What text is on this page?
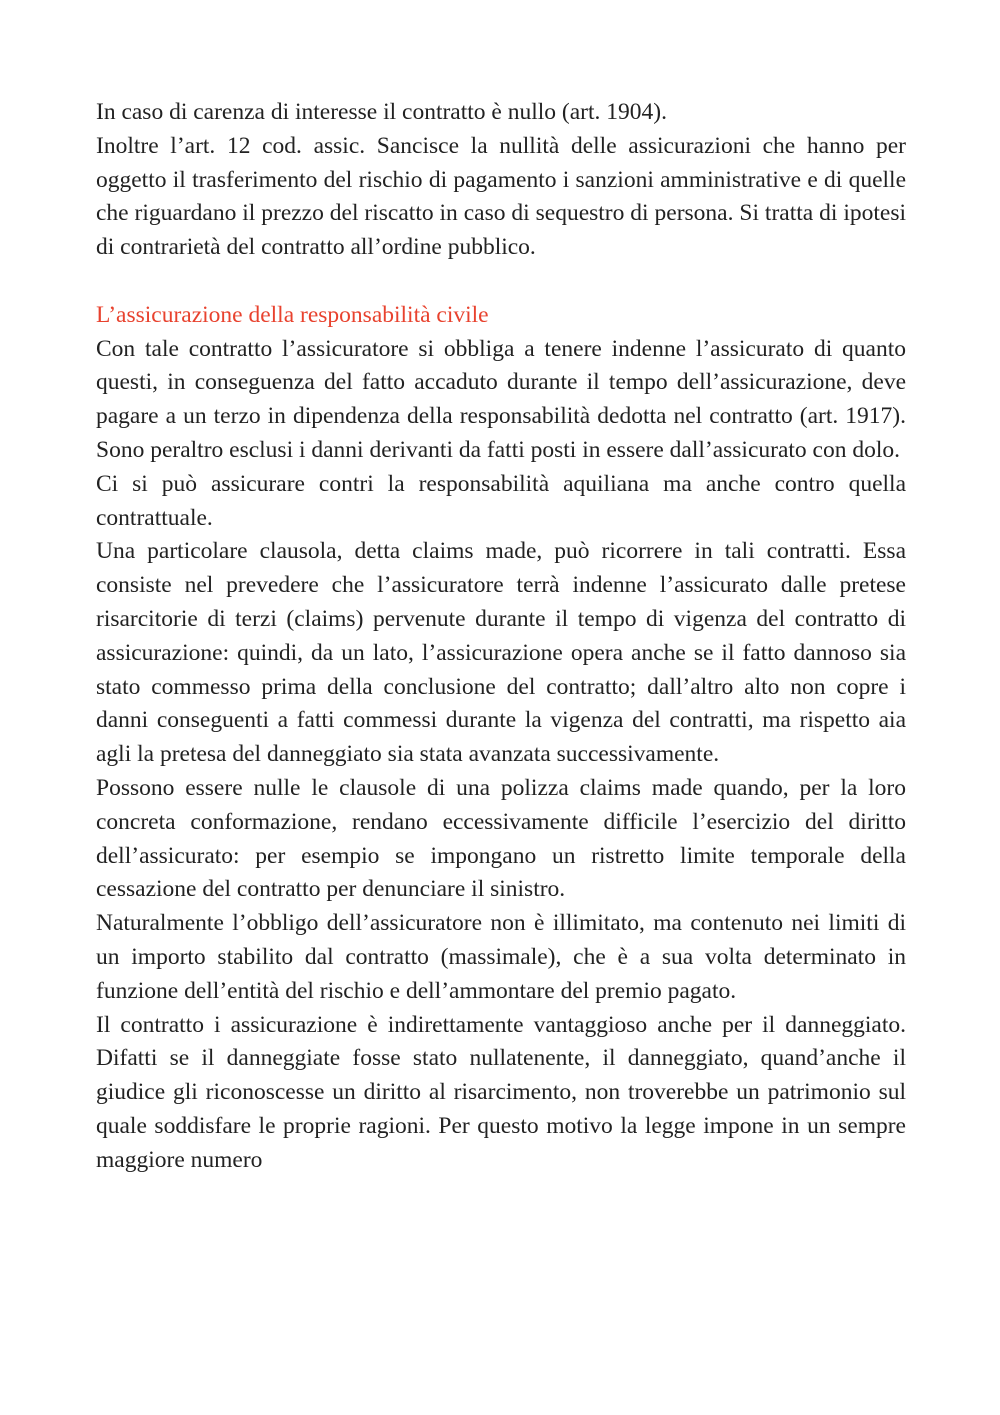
In caso di carenza di interesse il contratto è nullo (art. 1904).

Inoltre l’art. 12 cod. assic. Sancisce la nullità delle assicurazioni che hanno per oggetto il trasferimento del rischio di pagamento i sanzioni amministrative e di quelle che riguardano il prezzo del riscatto in caso di sequestro di persona. Si tratta di ipotesi di contrarietà del contratto all’ordine pubblico.

L’assicurazione della responsabilità civile

Con tale contratto l’assicuratore si obbliga a tenere indenne l’assicurato di quanto questi, in conseguenza del fatto accaduto durante il tempo dell’assicurazione, deve pagare a un terzo in dipendenza della responsabilità dedotta nel contratto (art. 1917). Sono peraltro esclusi i danni derivanti da fatti posti in essere dall’assicurato con dolo.

Ci si può assicurare contri la responsabilità aquiliana ma anche contro quella contrattuale.

Una particolare clausola, detta claims made, può ricorrere in tali contratti. Essa consiste nel prevedere che l’assicuratore terrà indenne l’assicurato dalle pretese risarcitorie di terzi (claims) pervenute durante il tempo di vigenza del contratto di assicurazione: quindi, da un lato, l’assicurazione opera anche se il fatto dannoso sia stato commesso prima della conclusione del contratto; dall’altro alto non copre i danni conseguenti a fatti commessi durante la vigenza del contratti, ma rispetto aia agli la pretesa del danneggiato sia stata avanzata successivamente.

Possono essere nulle le clausole di una polizza claims made quando, per la loro concreta conformazione, rendano eccessivamente difficile l’esercizio del diritto dell’assicurato: per esempio se impongano un ristretto limite temporale della cessazione del contratto per denunciare il sinistro.

Naturalmente l’obbligo dell’assicuratore non è illimitato, ma contenuto nei limiti di un importo stabilito dal contratto (massimale), che è a sua volta determinato in funzione dell’entità del rischio e dell’ammontare del premio pagato.

Il contratto i assicurazione è indirettamente vantaggioso anche per il danneggiato. Difatti se il danneggiate fosse stato nullatenente, il danneggiato, quand’anche il giudice gli riconoscesse un diritto al risarcimento, non troverebbe un patrimonio sul quale soddisfare le proprie ragioni. Per questo motivo la legge impone in un sempre maggiore numero
